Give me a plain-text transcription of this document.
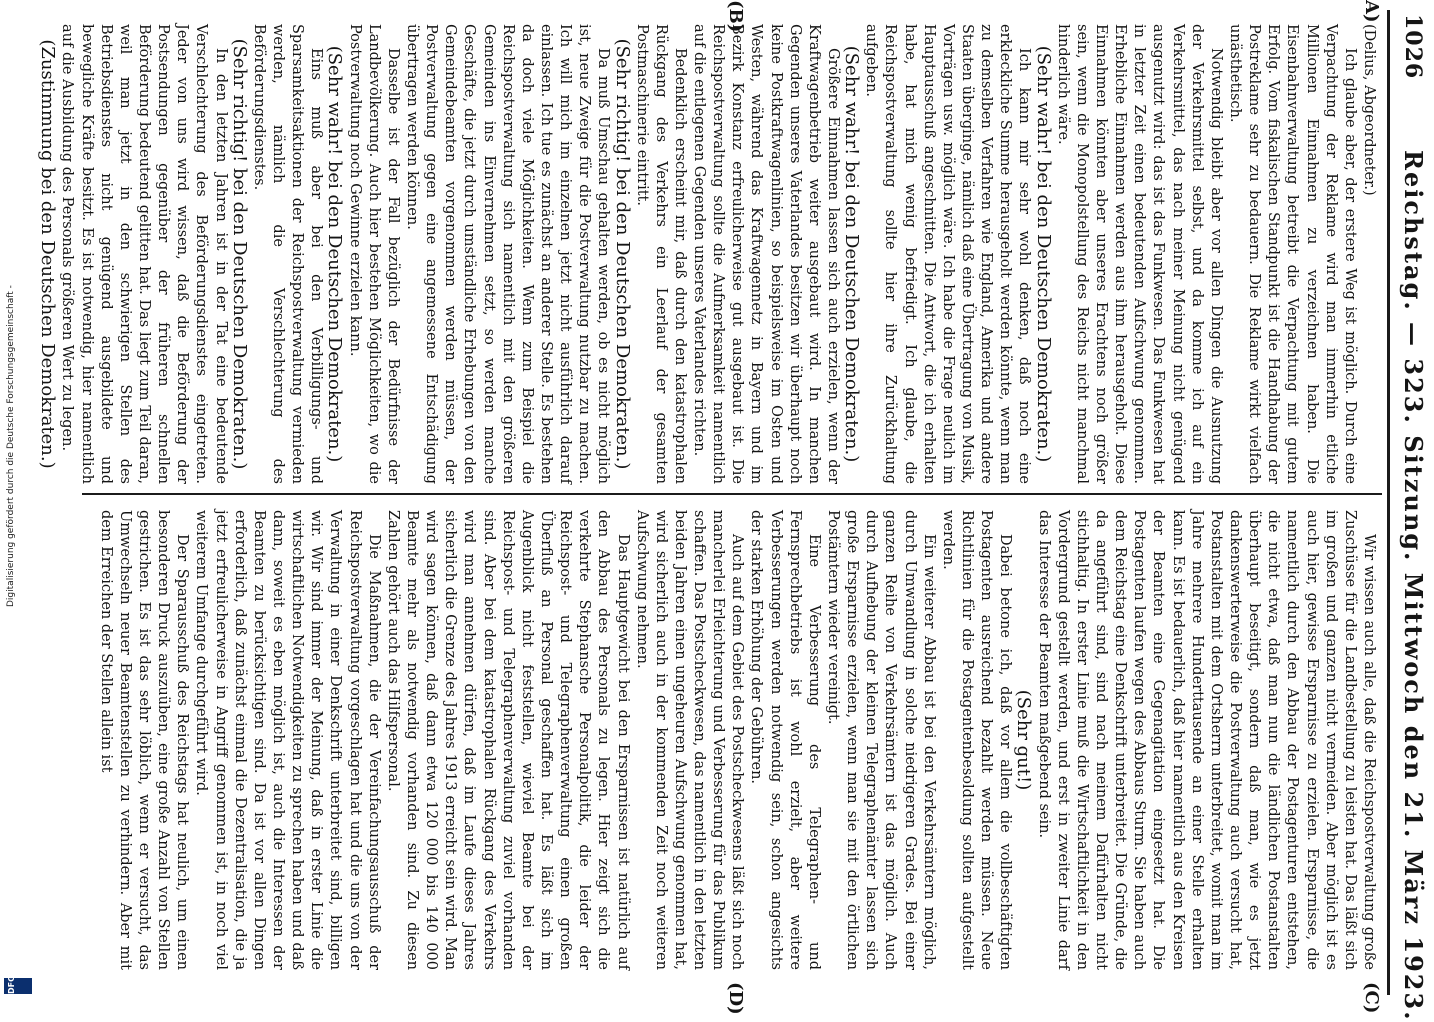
1026
Reichstag. — 323. Sitzung. Mittwoch den 21. März 1923.
A)
(B)
(C)
(D)

(Delius, Abgeordneter.)

Ich glaube aber, der erstere Weg ist möglich. Durch eine Verpachtung der Reklame wird man immerhin etliche Millionen Einnahmen zu verzeichnen haben. Die Eisenbahnverwaltung betreibt die Verpachtung mit gutem Erfolg. Vom fiskalischen Standpunkt ist die Handhabung der Postreklame sehr zu bedauern. Die Reklame wirkt vielfach unästhetisch.

Notwendig bleibt aber vor allen Dingen die Ausnutzung der Verkehrsmittel selbst, und da komme ich auf ein Verkehrsmittel, das nach meiner Meinung nicht genügend ausgenutzt wird: das ist das Funkwesen. Das Funkwesen hat in letzter Zeit einen bedeutenden Aufschwung genommen. Erhebliche Einnahmen werden aus ihm herausgeholt. Diese Einnahmen könnten aber unseres Erachtens noch größer sein, wenn die Monopolstellung des Reichs nicht manchmal hinderlich wäre.

(Sehr wahr! bei den Deutschen Demokraten.)

Ich kann mir sehr wohl denken, daß noch eine erkleckliche Summe herausgeholt werden könnte, wenn man zu demselben Verfahren wie England, Amerika und andere Staaten überginge, nämlich daß eine Übertragung von Musik, Vorträgen usw. möglich wäre. Ich habe die Frage neulich im Hauptausschuß angeschnitten. Die Antwort, die ich erhalten habe, hat mich wenig befriedigt. Ich glaube, die Reichspostverwaltung sollte hier ihre Zurückhaltung aufgeben.

(Sehr wahr! bei den Deutschen Demokraten.)

Größere Einnahmen lassen sich auch erzielen, wenn der Kraftwagenbetrieb weiter ausgebaut wird. In manchen Gegenden unseres Vaterlandes besitzen wir überhaupt noch keine Postkraftwagenlinien, so beispielsweise im Osten und Westen, während das Kraftwagennetz in Bayern und im Bezirk Konstanz erfreulicherweise gut ausgebaut ist. Die Reichspostverwaltung sollte die Aufmerksamkeit namentlich auf die entlegenen Gegenden unseres Vaterlandes richten.

Bedenklich erscheint mir, daß durch den katastrophalen Rückgang des Verkehrs ein Leerlauf der gesamten Postmaschinerie eintritt.

(Sehr richtig! bei den Deutschen Demokraten.)

Da muß Umschau gehalten werden, ob es nicht möglich ist, neue Zweige für die Postverwaltung nutzbar zu machen. Ich will mich im einzelnen jetzt nicht ausführlich darauf einlassen. Ich tue es zunächst an anderer Stelle. Es bestehen da doch viele Möglichkeiten. Wenn zum Beispiel die Reichspostverwaltung sich namentlich mit den größeren Gemeinden ins Einvernehmen setzt, so werden manche Geschäfte, die jetzt durch umständliche Erhebungen von den Gemeindebeamten vorgenommen werden müssen, der Postverwaltung gegen eine angemessene Entschädigung übertragen werden können.

Dasselbe ist der Fall bezüglich der Bedürfnisse der Landbevölkerung. Auch hier bestehen Möglichkeiten, wo die Postverwaltung noch Gewinne erzielen kann.

(Sehr wahr! bei den Deutschen Demokraten.)

Eins muß aber bei den Verbilligungs- und Sparsamkeitsaktionen der Reichspostverwaltung vermieden werden, nämlich die Verschlechterung des Beförderungsdienstes.

(Sehr richtig! bei den Deutschen Demokraten.)

In den letzten Jahren ist in der Tat eine bedeutende Verschlechterung des Beförderungsdienstes eingetreten. Jeder von uns wird wissen, daß die Beförderung der Postsendungen gegenüber der früheren schnellen Beförderung bedeutend gelitten hat. Das liegt zum Teil daran, weil man jetzt in den schwierigen Stellen des Betriebsdienstes nicht genügend ausgebildete und bewegliche Kräfte besitzt. Es ist notwendig, hier namentlich auf die Ausbildung des Personals größeren Wert zu legen.

(Zustimmung bei den Deutschen Demokraten.)

Wir wissen auch alle, daß die Reichspostverwaltung große Zuschüsse für die Landbestellung zu leisten hat. Das läßt sich im großen und ganzen nicht vermeiden. Aber möglich ist es auch hier, gewisse Ersparnisse zu erzielen. Ersparnisse, die namentlich durch den Abbau der Postagenturen entstehen, die nicht etwa, daß man nun die ländlichen Postanstalten überhaupt beseitigt, sondern daß man, wie es jetzt dankenswerterweise die Postverwaltung auch versucht hat, Postanstalten mit dem Ortsherrn unterbreitet, womit man im Jahre mehrere Hunderttausende an einer Stelle erhalten kann. Es ist bedauerlich, daß hier namentlich aus den Kreisen der Beamten eine Gegenagitation eingesetzt hat. Die Postagenten laufen wegen des Abbaus Sturm. Sie haben auch dem Reichstag eine Denkschrift unterbreitet. Die Gründe, die da angeführt sind, sind nach meinem Dafürhalten nicht stichhaltig. In erster Linie muß die Wirtschaftlichkeit in den Vordergrund gestellt werden, und erst in zweiter Linie darf das Interesse der Beamten maßgebend sein.

(Sehr gut!)

Dabei betone ich, daß vor allem die vollbeschäftigten Postagenten ausreichend bezahlt werden müssen. Neue Richtlinien für die Postagentenbesoldung sollten aufgestellt werden.

Ein weiterer Abbau ist bei den Verkehrsämtern möglich, durch Umwandlung in solche niedrigeren Grades. Bei einer ganzen Reihe von Verkehrsämtern ist das möglich. Auch durch Aufhebung der kleinen Telegraphenämter lassen sich große Ersparnisse erzielen, wenn man sie mit den örtlichen Postämtern wieder vereinigt.

Eine Verbesserung des Telegraphen- und Fernsprechbetriebs ist wohl erzielt, aber weitere Verbesserungen werden notwendig sein, schon angesichts der starken Erhöhung der Gebühren.

Auch auf dem Gebiet des Postscheckwesens läßt sich noch mancherlei Erleichterung und Verbesserung für das Publikum schaffen. Das Postscheckwesen, das namentlich in den letzten beiden Jahren einen ungeheuren Aufschwung genommen hat, wird sicherlich auch in der kommenden Zeit noch weiteren Aufschwung nehmen.

Das Hauptgewicht bei den Ersparnissen ist natürlich auf den Abbau des Personals zu legen. Hier zeigt sich die verkehrte Stephansche Personalpolitik, die leider der Reichspost- und Telegraphenverwaltung einen großen Überfluß an Personal geschaffen hat. Es läßt sich im Augenblick nicht feststellen, wieviel Beamte bei der Reichspost- und Telegraphenverwaltung zuviel vorhanden sind. Aber bei dem katastrophalen Rückgang des Verkehrs wird man annehmen dürfen, daß im Laufe dieses Jahres sicherlich die Grenze des Jahres 1913 erreicht sein wird. Man wird sagen können, daß dann etwa 120 000 bis 140 000 Beamte mehr als notwendig vorhanden sind. Zu diesen Zahlen gehört auch das Hilfspersonal.

Die Maßnahmen, die der Vereinfachungsausschuß der Reichspostverwaltung vorgeschlagen hat und die uns von der Verwaltung in einer Denkschrift unterbreitet sind, billigen wir. Wir sind immer der Meinung, daß in erster Linie die wirtschaftlichen Notwendigkeiten zu sprechen haben und daß dann, soweit es eben möglich ist, auch die Interessen der Beamten zu berücksichtigen sind. Da ist vor allen Dingen erforderlich, daß zunächst einmal die Dezentralisation, die ja jetzt erfreulicherweise in Angriff genommen ist, in noch viel weiterem Umfange durchgeführt wird.

Der Sparausschuß des Reichstags hat neulich, um einen besonderen Druck auszuüben, eine große Anzahl von Stellen gestrichen. Es ist das sehr löblich, wenn er versucht, das Umwechseln neuer Beamtenstellen zu verhindern. Aber mit dem Erreichen der Stellen allein ist

Digitalisierung gefördert durch die Deutsche Forschungsgemeinschaft -
DFG
